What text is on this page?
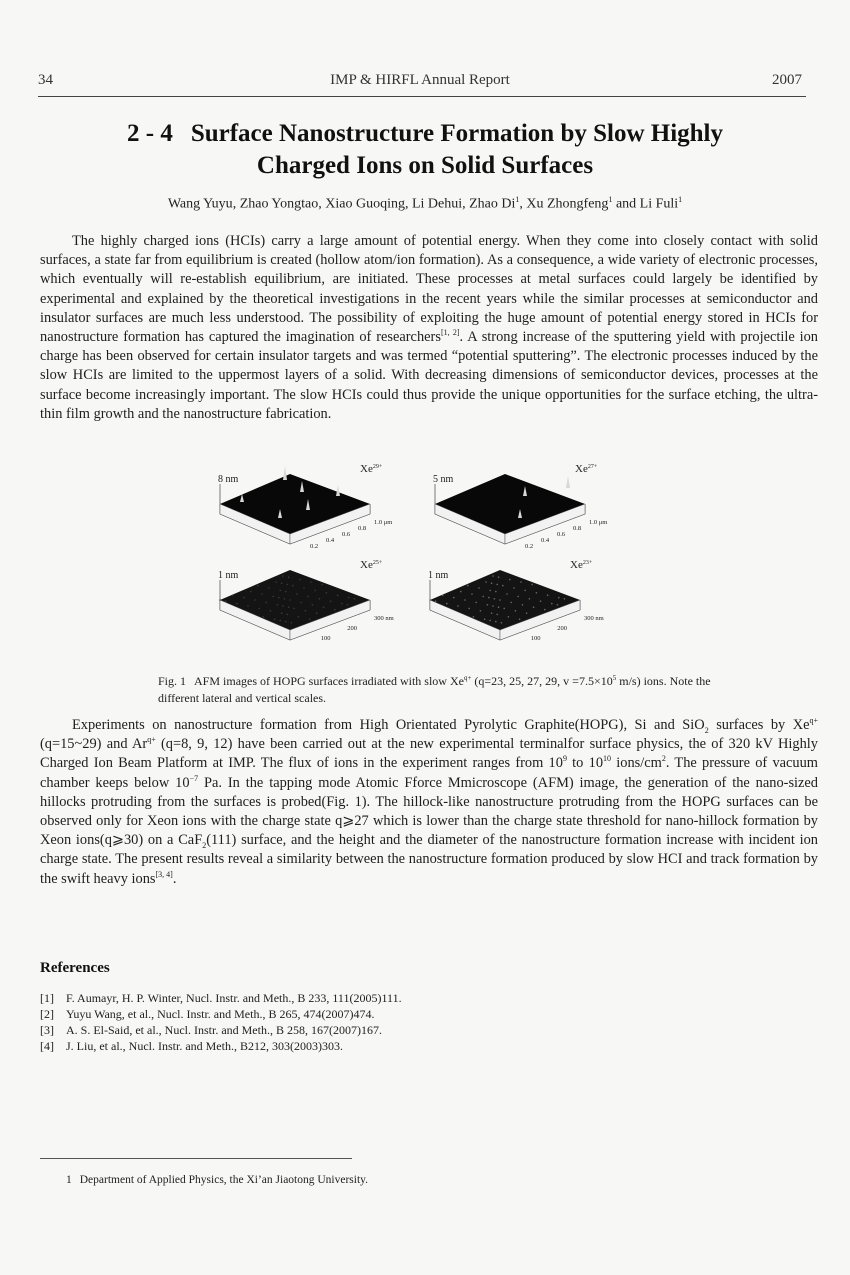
34	IMP & HIRFL Annual Report	2007
2 - 4 Surface Nanostructure Formation by Slow Highly
Charged Ions on Solid Surfaces
Wang Yuyu, Zhao Yongtao, Xiao Guoqing, Li Dehui, Zhao Di$^1$, Xu Zhongfeng$^1$ and Li Fuli$^1$
The highly charged ions (HCIs) carry a large amount of potential energy. When they come into closely contact with solid surfaces, a state far from equilibrium is created (hollow atom/ion formation). As a consequence, a wide variety of electronic processes, which eventually will re-establish equilibrium, are initiated. These processes at metal surfaces could largely be identified by experimental and explained by the theoretical investigations in the recent years while the similar processes at semiconductor and insulator surfaces are much less understood. The possibility of exploiting the huge amount of potential energy stored in HCIs for nanostructure formation has captured the imagination of researchers[1, 2]. A strong increase of the sputtering yield with projectile ion charge has been observed for certain insulator targets and was termed “potential sputtering”. The electronic processes induced by the slow HCIs are limited to the uppermost layers of a solid. With decreasing dimensions of semiconductor devices, processes at the surface become increasingly important. The slow HCIs could thus provide the unique opportunities for the surface etching, the ultra-thin film growth and the nanostructure fabrication.
$Xe^{29+}$
8 nm
0.2
0.4
0.6
0.8
1.0 μm
$Xe^{27+}$
5 nm
0.2
0.4
0.6
0.8
1.0 μm
$Xe^{25+}$
1 nm
100
200
300 nm
$Xe^{23+}$
1 nm
100
200
300 nm
Fig. 1 AFM images of HOPG surfaces irradiated with slow $Xe^{q+}$ (q=23, 25, 27, 29, $v =7.5\times 10^5$ m/s) ions. Note the different lateral and vertical scales.
Experiments on nanostructure formation from High Orientated Pyrolytic Graphite(HOPG), Si and SiO$_2$ surfaces by $Xe^{q+}$ (q=15~29) and $Ar^{q+}$ (q=8, 9, 12) have been carried out at the new experimental terminalfor surface physics, the of 320 kV Highly Charged Ion Beam Platform at IMP. The flux of ions in the experiment ranges from $10^9$ to $10^{10}$ ions/$cm^2$. The pressure of vacuum chamber keeps below $10^{-7}$ Pa. In the tapping mode Atomic Fforce Mmicroscope (AFM) image, the generation of the nano-sized hillocks protruding from the surfaces is probed(Fig. 1). The hillock-like nanostructure protruding from the HOPG surfaces can be observed only for Xeon ions with the charge state q⩾27 which is lower than the charge state threshold for nano-hillock formation by Xeon ions(q⩾30) on a CaF$_2$(111) surface, and the height and the diameter of the nanostructure formation increase with incident ion charge state. The present results reveal a similarity between the nanostructure formation produced by slow HCI and track formation by the swift heavy ions[3, 4].
References
[1] F. Aumayr, H. P. Winter, Nucl. Instr. and Meth., B 233, 111(2005)111.
[2] Yuyu Wang, et al., Nucl. Instr. and Meth., B 265, 474(2007)474.
[3] A. S. El-Said, et al., Nucl. Instr. and Meth., B 258, 167(2007)167.
[4] J. Liu, et al., Nucl. Instr. and Meth., B212, 303(2003)303.
1 Department of Applied Physics, the Xi’an Jiaotong University.
